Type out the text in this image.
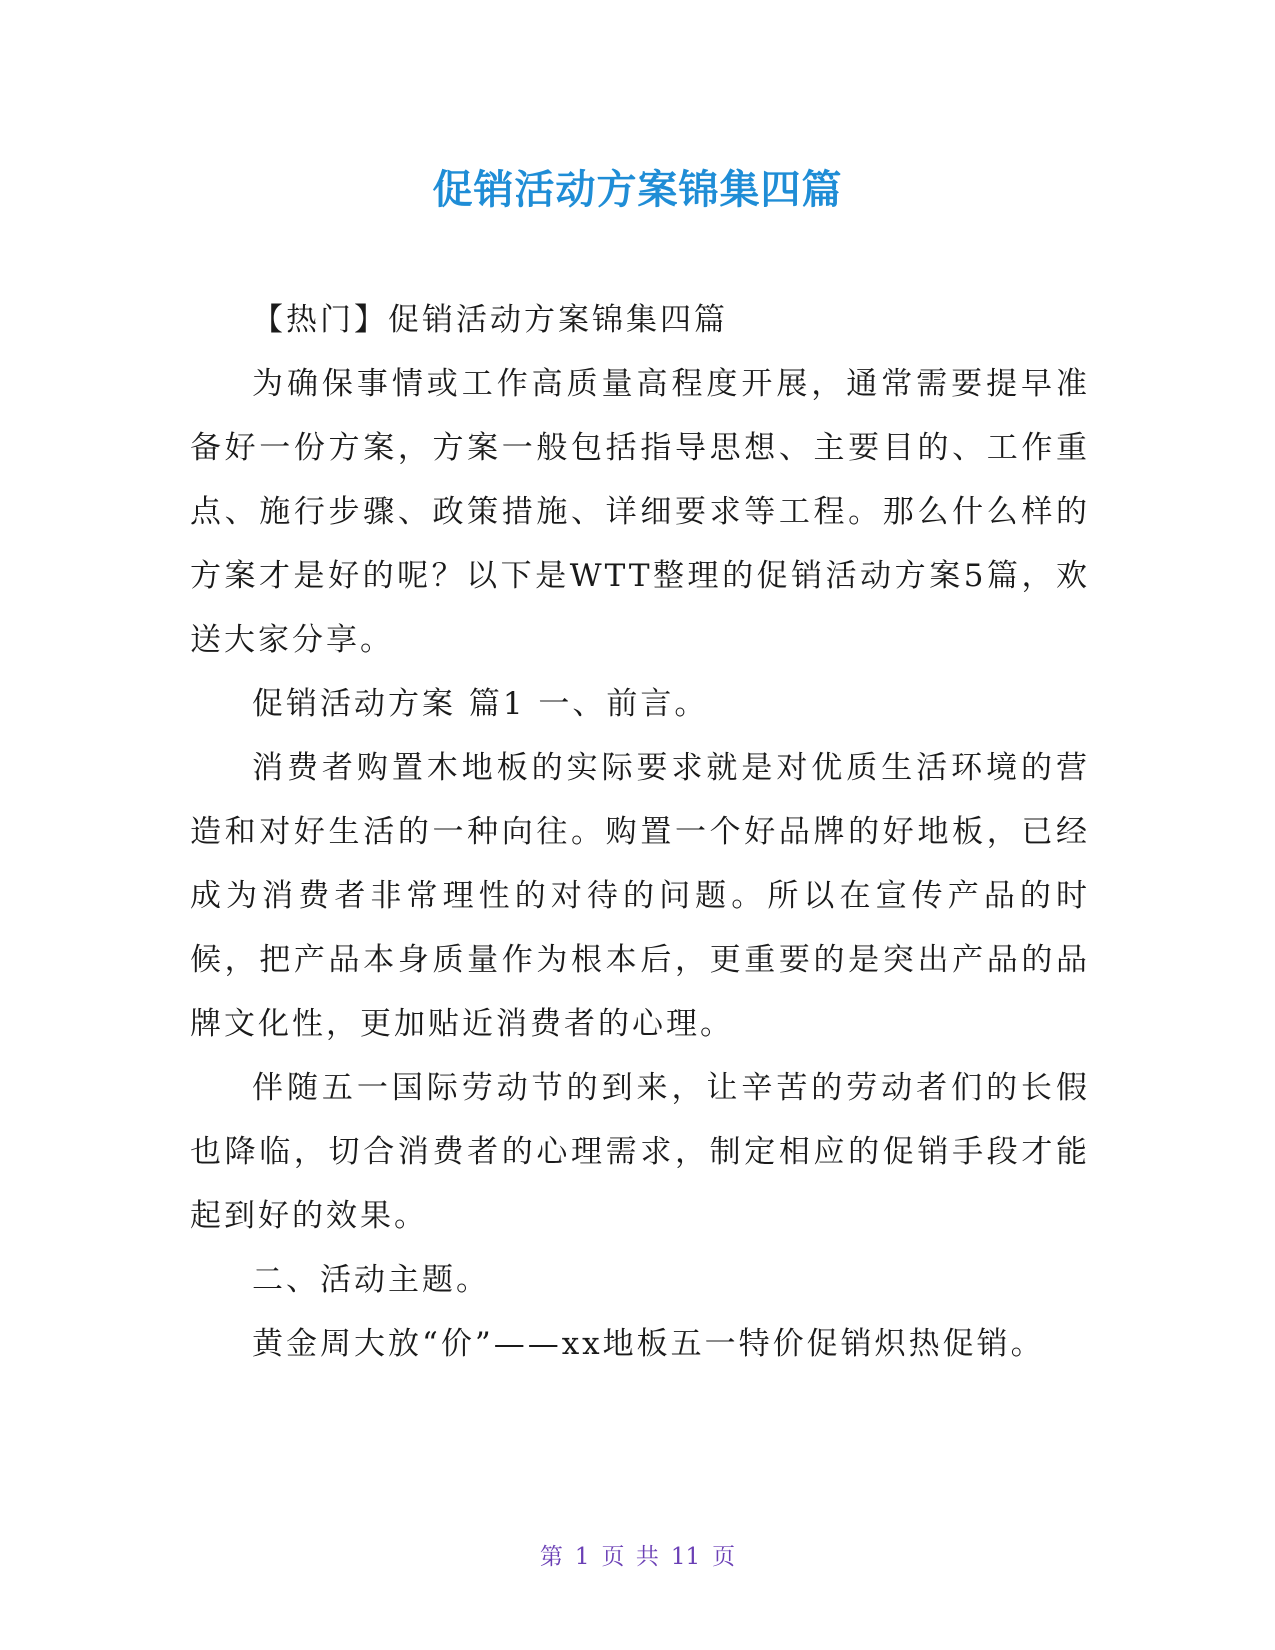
促销活动方案锦集四篇

【热门】促销活动方案锦集四篇

为确保事情或工作高质量高程度开展，通常需要提早准备好一份方案，方案一般包括指导思想、主要目的、工作重点、施行步骤、政策措施、详细要求等工程。那么什么样的方案才是好的呢？以下是WTT整理的促销活动方案5篇，欢送大家分享。

促销活动方案 篇1 一、前言。

消费者购置木地板的实际要求就是对优质生活环境的营造和对好生活的一种向往。购置一个好品牌的好地板，已经成为消费者非常理性的对待的问题。所以在宣传产品的时候，把产品本身质量作为根本后，更重要的是突出产品的品牌文化性，更加贴近消费者的心理。

伴随五一国际劳动节的到来，让辛苦的劳动者们的长假也降临，切合消费者的心理需求，制定相应的促销手段才能起到好的效果。

二、活动主题。

黄金周大放“价”——xx地板五一特价促销炽热促销。

第 1 页 共 11 页
